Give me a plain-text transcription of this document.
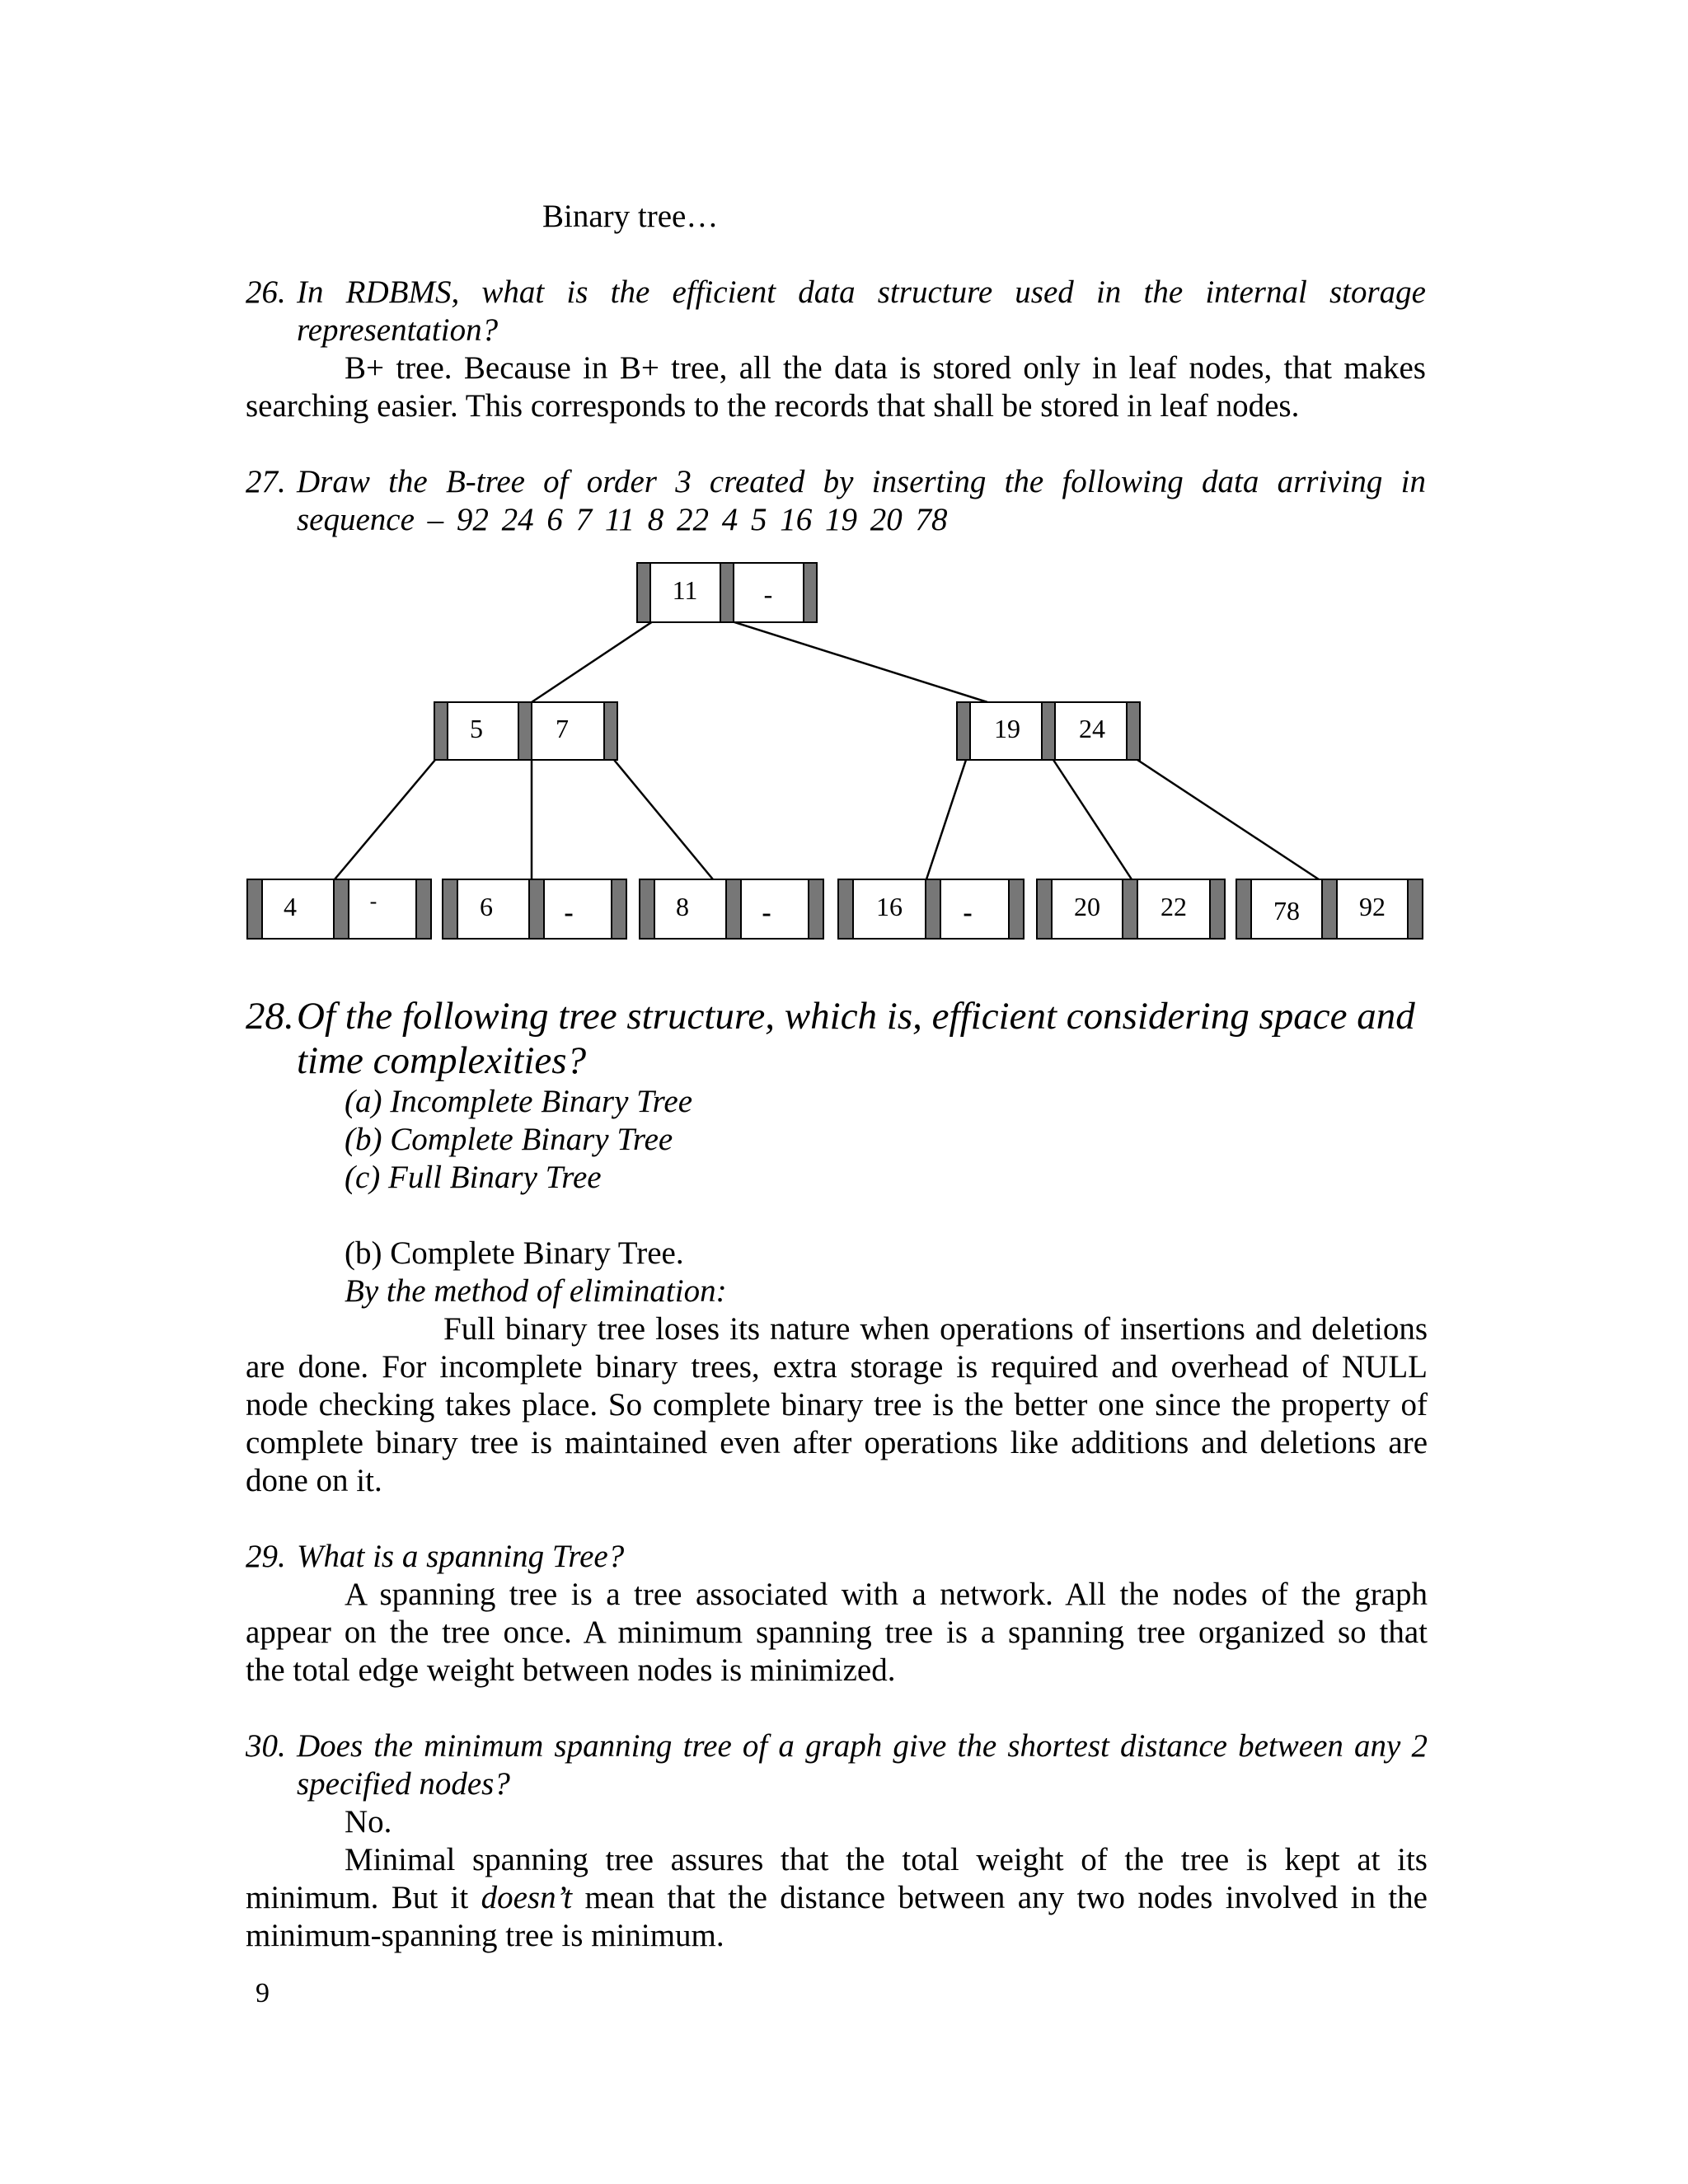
Binary tree…
26. In RDBMS, what is the efficient data structure used in the internal storage
representation?
B+ tree. Because in B+ tree, all the data is stored only in leaf nodes, that makes
searching easier. This corresponds to the records that shall be stored in leaf nodes.
27. Draw the B-tree of order 3 created by inserting the following data arriving in
sequence – 92 24 6 7 11 8 22 4 5 16 19 20 78
11	-
5	7	19 24
4	-	6	-	8	-	16 -	20 22	78 92
28. Of the following tree structure, which is, efficient considering space and
time complexities?
(a) Incomplete Binary Tree
(b) Complete Binary Tree
(c) Full Binary Tree
(b) Complete Binary Tree.
By the method of elimination:
Full binary tree loses its nature when operations of insertions and deletions
are done. For incomplete binary trees, extra storage is required and overhead of NULL
node checking takes place. So complete binary tree is the better one since the property of
complete binary tree is maintained even after operations like additions and deletions are
done on it.
29. What is a spanning Tree?
A spanning tree is a tree associated with a network. All the nodes of the graph
appear on the tree once. A minimum spanning tree is a spanning tree organized so that
the total edge weight between nodes is minimized.
30. Does the minimum spanning tree of a graph give the shortest distance between any 2
specified nodes?
No.
Minimal spanning tree assures that the total weight of the tree is kept at its
minimum. But it doesn’t mean that the distance between any two nodes involved in the
minimum-spanning tree is minimum.
9
